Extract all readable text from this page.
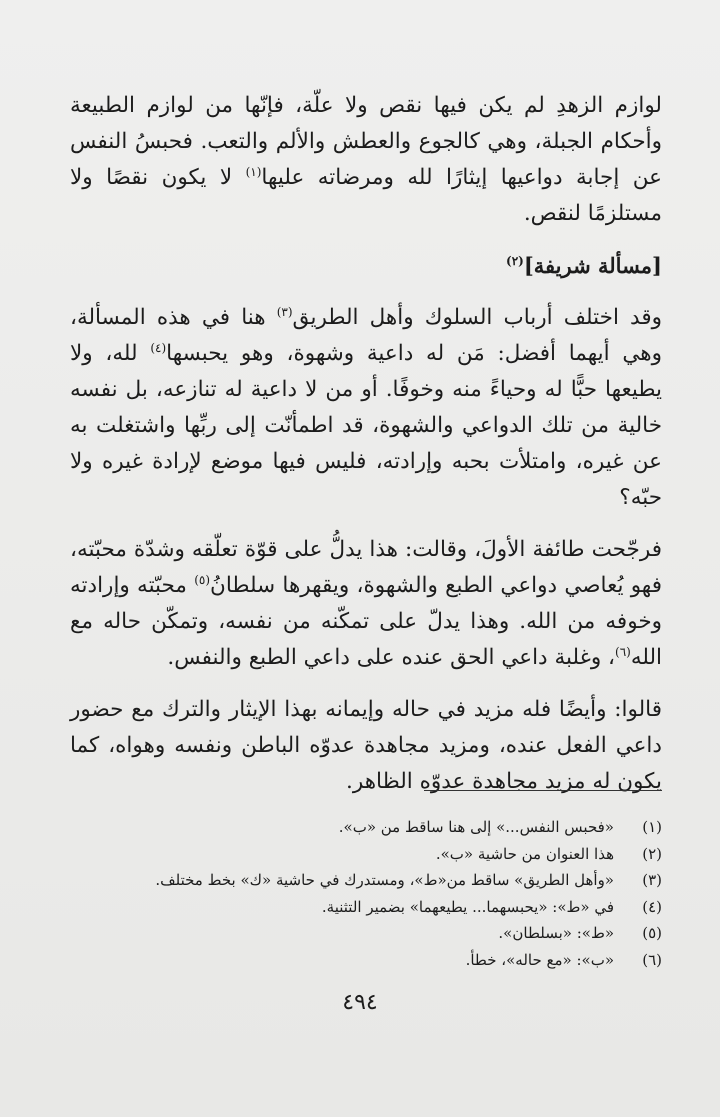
لوازم الزهدِ لم يكن فيها نقص ولا علّة، فإنّها من لوازم الطبيعة وأحكام الجبلة، وهي كالجوع والعطش والألم والتعب. فحبسُ النفس عن إجابة دواعيها إيثارًا لله ومرضاته عليها$^{(١)}$ لا يكون نقصًا ولا مستلزمًا لنقص.

[مسألة شريفة]$^{(٢)}$

وقد اختلف أرباب السلوك وأهل الطريق$^{(٣)}$ هنا في هذه المسألة، وهي أيهما أفضل: مَن له داعية وشهوة، وهو يحبسها$^{(٤)}$ لله، ولا يطيعها حبًّا له وحياءً منه وخوفًا. أو من لا داعية له تنازعه، بل نفسه خالية من تلك الدواعي والشهوة، قد اطمأنّت إلى ربِّها واشتغلت به عن غيره، وامتلأت بحبه وإرادته، فليس فيها موضع لإرادة غيره ولا حبّه؟

فرجّحت طائفة الأولَ، وقالت: هذا يدلُّ على قوّة تعلّقه وشدّة محبّته، فهو يُعاصي دواعي الطبع والشهوة، ويقهرها سلطانُ$^{(٥)}$ محبّته وإرادته وخوفه من الله. وهذا يدلّ على تمكّنه من نفسه، وتمكّن حاله مع الله$^{(٦)}$، وغلبة داعي الحق عنده على داعي الطبع والنفس.

قالوا: وأيضًا فله مزيد في حاله وإيمانه بهذا الإيثار والترك مع حضور داعي الفعل عنده، ومزيد مجاهدة عدوّه الباطن ونفسه وهواه، كما يكون له مزيد مجاهدة عدوّه الظاهر.

(١)
«فحبس النفس...» إلى هنا ساقط من «ب».
(٢)
هذا العنوان من حاشية «ب».
(٣)
«وأهل الطريق» ساقط من«ط»، ومستدرك في حاشية «ك» بخط مختلف.
(٤)
في «ط»: «يحبسهما... يطيعهما» بضمير التثنية.
(٥)
«ط»: «بسلطان».
(٦)
«ب»: «مع حاله»، خطأ.
٤٩٤
